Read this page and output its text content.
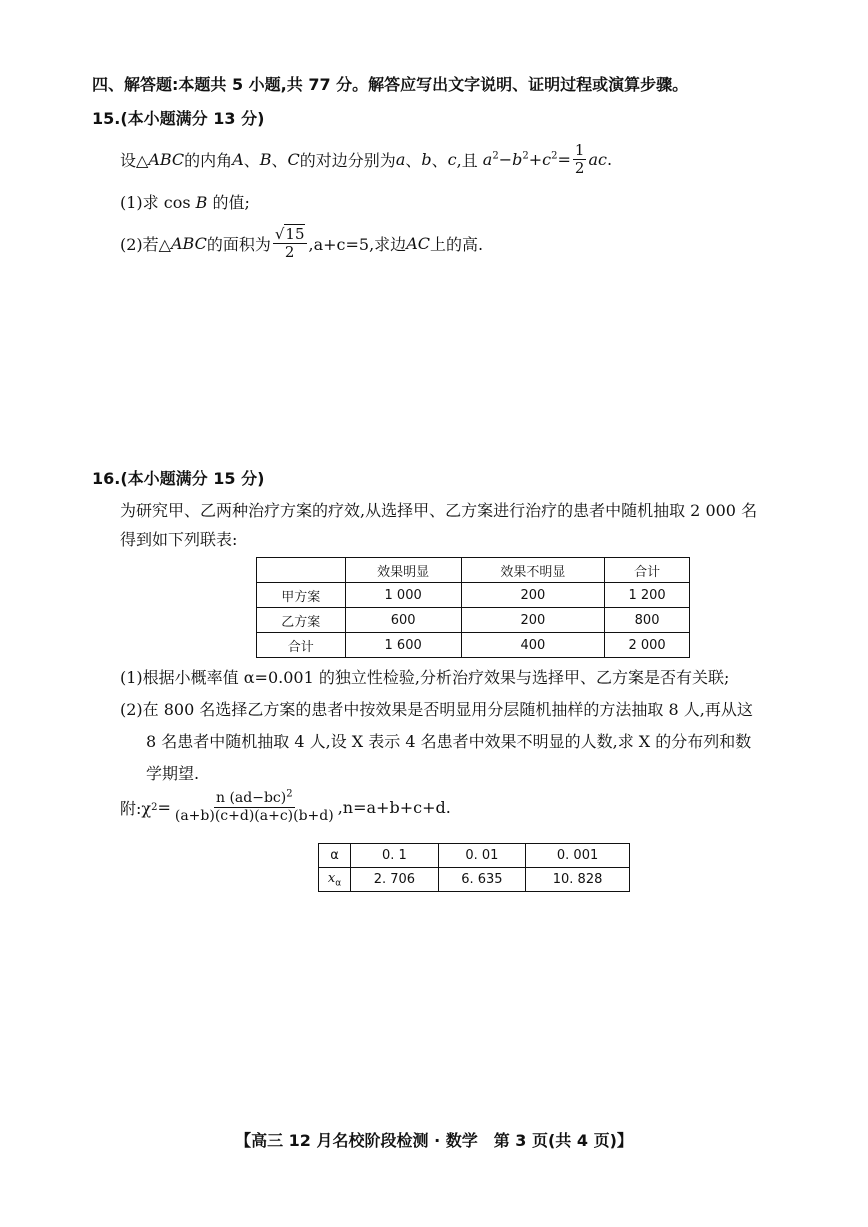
四、解答题:本题共 5 小题,共 77 分。解答应写出文字说明、证明过程或演算步骤。
15.(本小题满分 13 分)
设△ ABC 的内角 A 、 B 、 C 的对边分别为 a 、 b 、 c ,且 $a^2-b^2+c^2= \frac{1}{2}$ ac .
(1)求 cos B 的值;
(2)若△ ABC 的面积为 $\frac{√15}{2} ,a+c=5$,求边 AC 上的高.
16.(本小题满分 15 分)
为研究甲、乙两种治疗方案的疗效,从选择甲、乙方案进行治疗的患者中随机抽取 2 000 名
得到如下列联表:
	效果明显	效果不明显	合计
甲方案	1 000	200	1 200
乙方案	600	200	800
合计	1 600	400	2 000
(1)根据小概率值 α=0.001 的独立性检验,分析治疗效果与选择甲、乙方案是否有关联;
(2)在 800 名选择乙方案的患者中按效果是否明显用分层随机抽样的方法抽取 8 人,再从这
8 名患者中随机抽取 4 人,设 X 表示 4 名患者中效果不明显的人数,求 X 的分布列和数
学期望.
附:χ $2 = \frac{n (ad-bc)^2}{(a+b)(c+d)(a+c)(b+d)} ,n=a+b+c+d$.
α	0. 1	0. 01	0. 001
$x_\alpha$	2. 706	6. 635	10. 828
【高三 12 月名校阶段检测 · 数学　第 3 页(共 4 页)】
